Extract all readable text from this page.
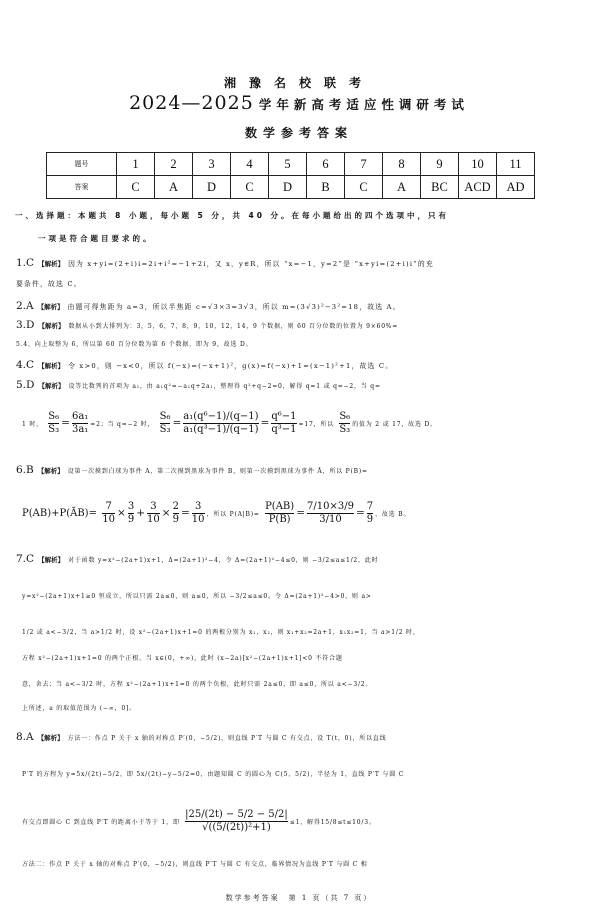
湘豫名校联考
2024—2025 学年新高考适应性调研考试
数学参考答案
题号	1	2	3	4	5	6	7	8	9	10	11
答案	C	A	D	C	D	B	C	A	BC	ACD	AD
一、选择题：本题共 8 小题，每小题 5 分，共 40 分。在每小题给出的四个选项中，只有
一项是符合题目要求的。
1.C 【解析】 因为 x+yi=(2+i)i=2i+i²=−1+2i，又 x，y∈R，所以 “x=−1，y=2”是 “x+yi=(2+i)i”的充
要条件，故选 C。
2.A 【解析】 由题可得焦距为 a=3，所以半焦距 c=√3×3=3√3，所以 m=(3√3)²−3²=18，故选 A。
3.D 【解析】 数据从小到大排列为：3，5，6，7，8，9，10，12，14，9 个数据，则 60 百分位数的位置为 9×60%=
5.4，向上取整为 6，所以第 60 百分位数为第 6 个数据，即为 9，故选 D。
4.C 【解析】 令 x>0，则 −x<0，所以 f(−x)=(−x+1)²，g(x)=f(−x)+1=(x−1)²+1，故选 C。
5.D 【解析】 设等比数列的首项为 a₁，由 a₁q²=−a₁q+2a₁，整理得 q²+q−2=0，解得 q=1 或 q=−2，当 q=
1 时， $\frac{\text{S₆}}{\text{S₃}} = \frac{\text{6a₁}}{\text{3a₁}} =2$；当 q=−2 时， $\frac{\text{S₆}}{\text{S₃}} = \frac{\text{a₁(q⁶−1)/(q−1)}}{\text{a₁(q³−1)/(q−1)}} = \frac{\text{q⁶−1}}{\text{q³−1}} =17$，所以 $\frac{\text{S₆}}{\text{S₃}}$ 的值为 2 或 17，故选 D。
6.B 【解析】 设第一次摸到白球为事件 A，第二次摸到黑球为事件 B，则第一次摸到黑球为事件 Ā，所以 P(B)=
P(AB)+P(ĀB)= $\frac{7}{10} \times \frac{3}{9} + \frac{3}{10} \times \frac{2}{9} = \frac{3}{10}$ ，所以 $P(A|B)= \frac{P(AB)}{P(B)} = \frac{7/10\times 3/9}{3/10} = \frac{7}{9}$ ，故选 B。
7.C 【解析】 对于函数 y=x²−(2a+1)x+1，Δ=(2a+1)²−4，令 Δ=(2a+1)²−4≤0，则 −3/2≤a≤1/2，此时
y=x²−(2a+1)x+1≥0 恒成立，所以只需 2a≤0，则 a≤0，所以 −3/2≤a≤0。令 Δ=(2a+1)²−4>0，则 a>
1/2 或 a<−3/2，当 a>1/2 时，设 x²−(2a+1)x+1=0 的两根分别为 x₁，x₂，则 x₁+x₂=2a+1，x₁x₂=1，当 a>1/2 时，
方程 x²−(2a+1)x+1=0 的两个正根，当 x∈(0，+∞)，此时 (x−2a)[x²−(2a+1)x+1]<0 不符合题
意，舍去；当 a<−3/2 时，方程 x²−(2a+1)x+1=0 的两个负根，此时只需 2a≤0，即 a≤0，所以 a<−3/2。
上所述，a 的取值范围为 (−∞，0]。
8.A 【解析】 方法一：作点 P 关于 x 轴的对称点 P′(0，−5/2)，则直线 P′T 与圆 C 有交点，设 T(t，0)，所以直线
P′T 的方程为 y=5x/(2t)−5/2，即 5x/(2t)−y−5/2=0，由题知圆 C 的圆心为 C(5，5/2)，半径为 1，直线 P′T 与圆 C
有交点即圆心 C 到直线 P′T 的距离小于等于 1，即 $\frac{|25/(2t) - 5/2 - 5/2|}{\text{√((5/(2t))²+1)}} \le 1$，解得15/8≤t≤10/3。
方法二：作点 P 关于 x 轴的对称点 P′(0，−5/2)，则直线 P′T 与圆 C 有交点，临界情况为直线 P′T 与圆 C 相
数学参考答案　第 1 页（共 7 页）
